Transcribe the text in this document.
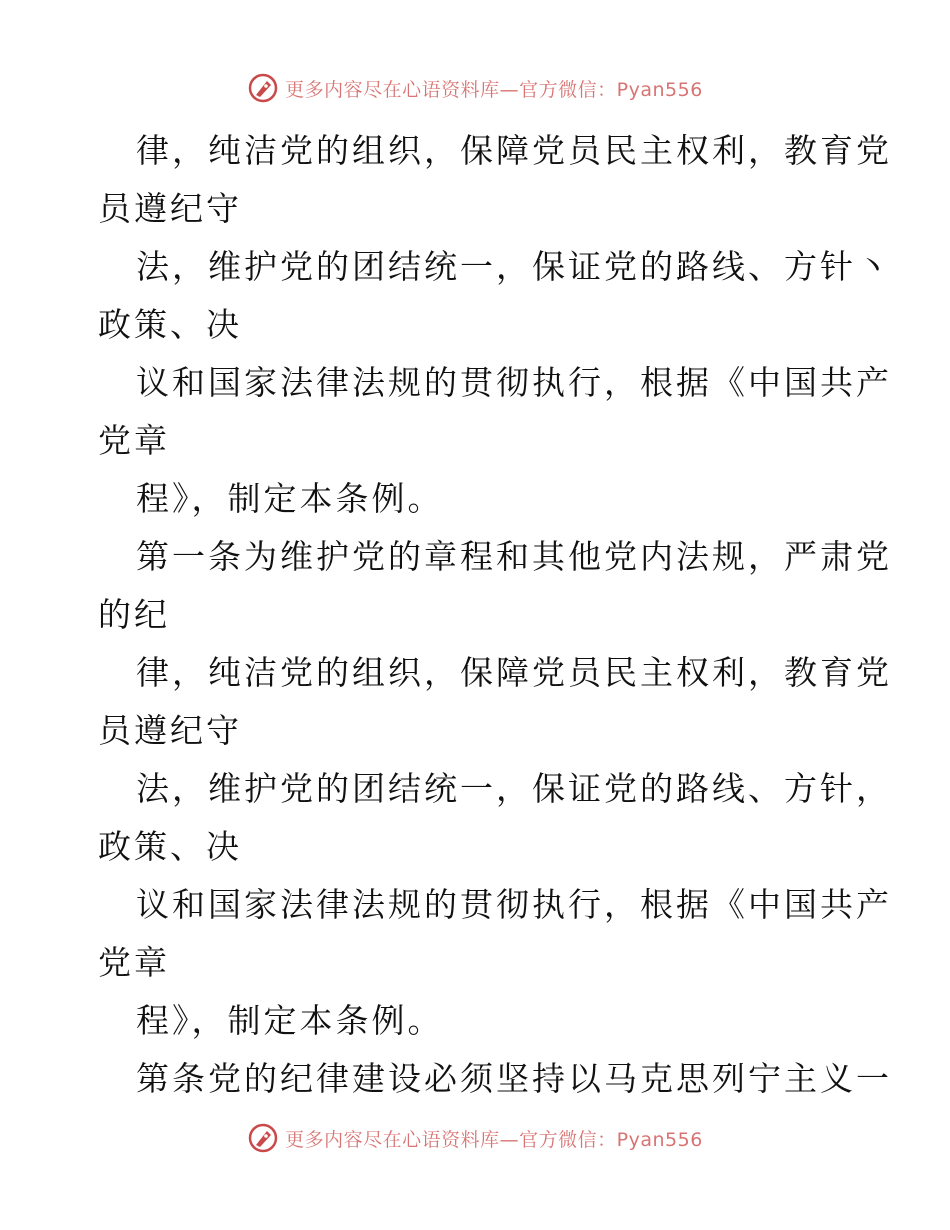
更多内容尽在心语资料库—官方微信：Pyan556
律，纯洁党的组织，保障党员民主权利，教育党
员遵纪守
法，维护党的团结统一，保证党的路线、方针丶
政策、决
议和国家法律法规的贯彻执行，根据《中国共产
党章
程》，制定本条例。
第一条为维护党的章程和其他党内法规，严肃党
的纪
律，纯洁党的组织，保障党员民主权利，教育党
员遵纪守
法，维护党的团结统一，保证党的路线、方针，
政策、决
议和国家法律法规的贯彻执行，根据《中国共产
党章
程》，制定本条例。
第条党的纪律建设必须坚持以马克思列宁主义一
更多内容尽在心语资料库—官方微信：Pyan556
